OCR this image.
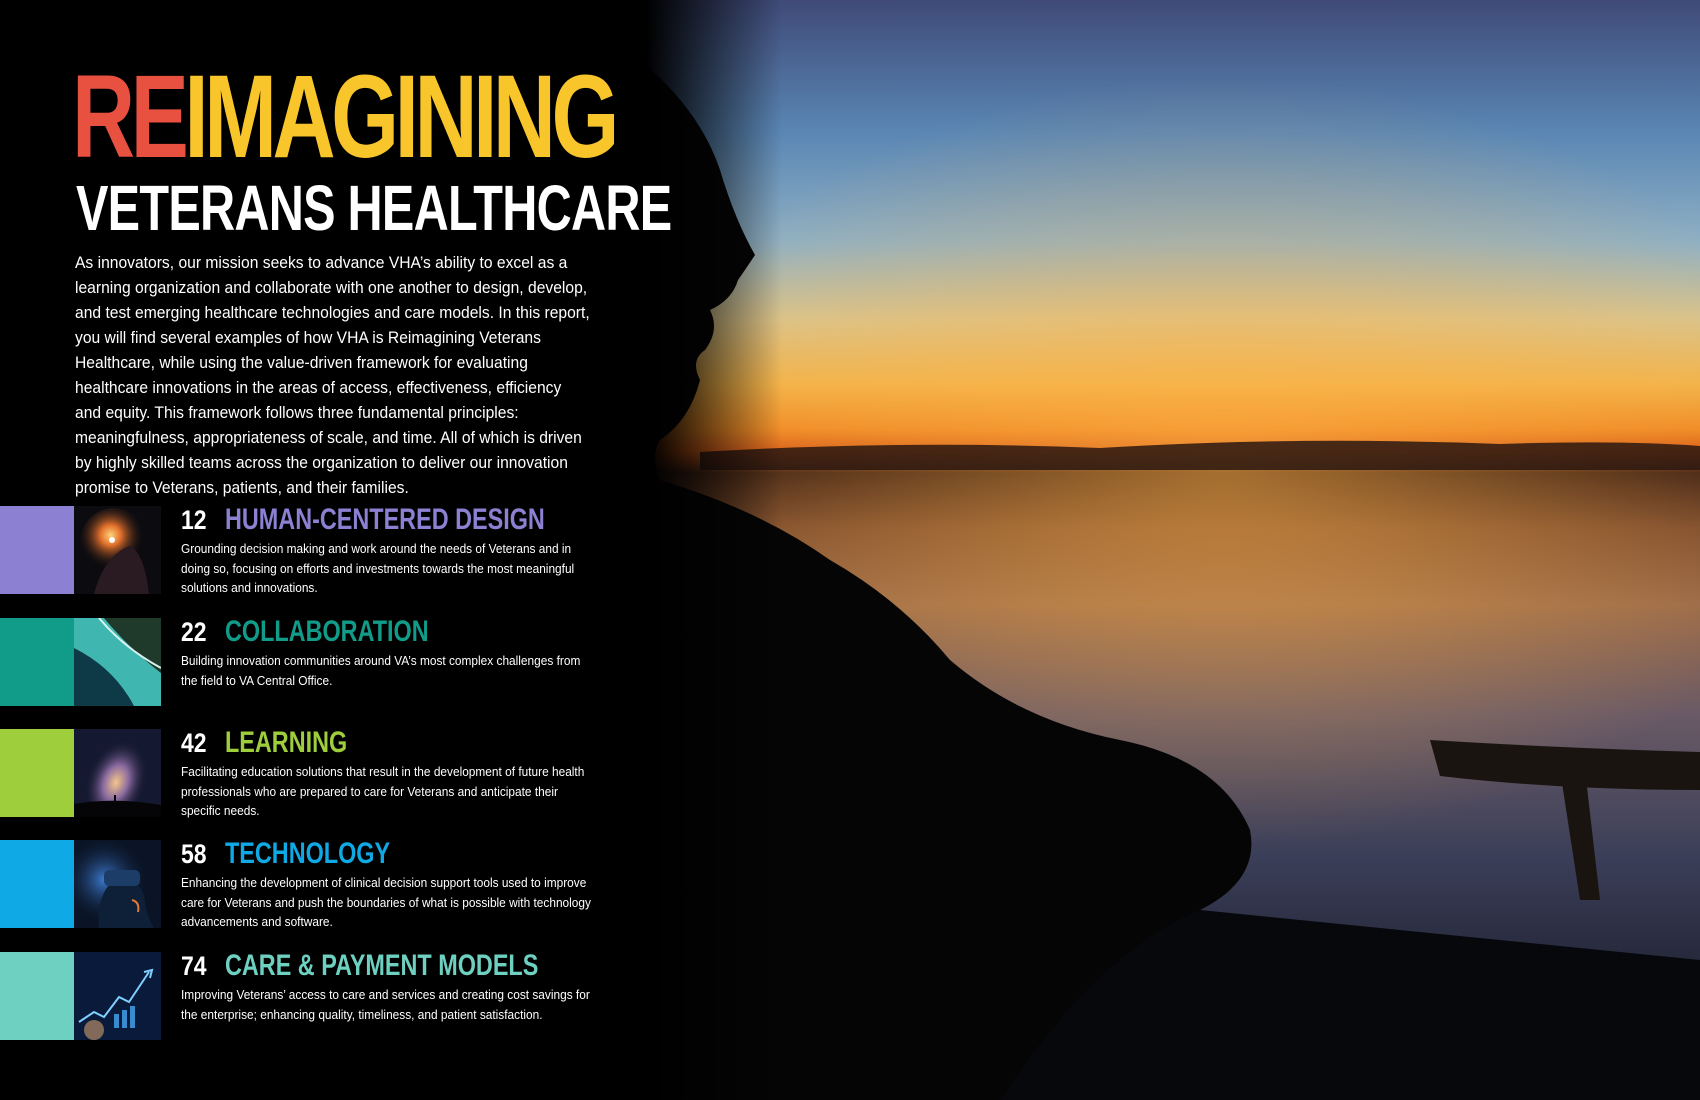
REIMAGINING
VETERANS HEALTHCARE
As innovators, our mission seeks to advance VHA’s ability to excel as a learning organization and collaborate with one another to design, develop, and test emerging healthcare technologies and care models. In this report, you will find several examples of how VHA is Reimagining Veterans Healthcare, while using the value-driven framework for evaluating healthcare innovations in the areas of access, effectiveness, efficiency and equity. This framework follows three fundamental principles: meaningfulness, appropriateness of scale, and time. All of which is driven by highly skilled teams across the organization to deliver our innovation promise to Veterans, patients, and their families.
12 HUMAN-CENTERED DESIGN
Grounding decision making and work around the needs of Veterans and in doing so, focusing on efforts and investments towards the most meaningful solutions and innovations.
22 COLLABORATION
Building innovation communities around VA’s most complex challenges from the field to VA Central Office.
42 LEARNING
Facilitating education solutions that result in the development of future health professionals who are prepared to care for Veterans and anticipate their specific needs.
58 TECHNOLOGY
Enhancing the development of clinical decision support tools used to improve care for Veterans and push the boundaries of what is possible with technology advancements and software.
74 CARE & PAYMENT MODELS
Improving Veterans’ access to care and services and creating cost savings for the enterprise; enhancing quality, timeliness, and patient satisfaction.
